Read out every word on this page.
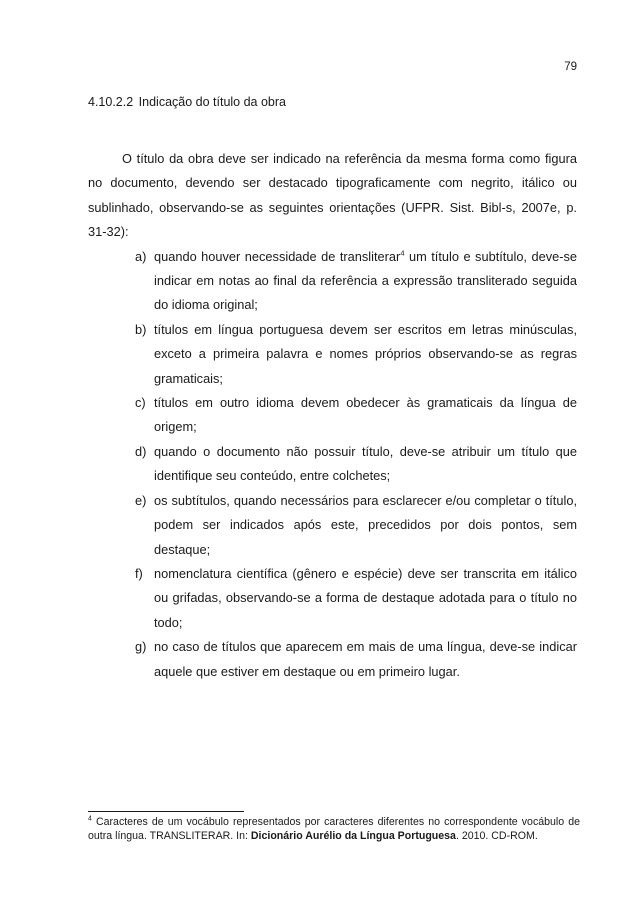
79
4.10.2.2 Indicação do título da obra

O título da obra deve ser indicado na referência da mesma forma como figura no documento, devendo ser destacado tipograficamente com negrito, itálico ou sublinhado, observando-se as seguintes orientações (UFPR. Sist. Bibl-s, 2007e, p. 31-32):

a) quando houver necessidade de transliterar$^4$ um título e subtítulo, deve-se indicar em notas ao final da referência a expressão transliterado seguida do idioma original;
b) títulos em língua portuguesa devem ser escritos em letras minúsculas, exceto a primeira palavra e nomes próprios observando-se as regras gramaticais;
c) títulos em outro idioma devem obedecer às gramaticais da língua de origem;
d) quando o documento não possuir título, deve-se atribuir um título que identifique seu conteúdo, entre colchetes;
e) os subtítulos, quando necessários para esclarecer e/ou completar o título, podem ser indicados após este, precedidos por dois pontos, sem destaque;
f) nomenclatura científica (gênero e espécie) deve ser transcrita em itálico ou grifadas, observando-se a forma de destaque adotada para o título no todo;
g) no caso de títulos que aparecem em mais de uma língua, deve-se indicar aquele que estiver em destaque ou em primeiro lugar.
$^4$ Caracteres de um vocábulo representados por caracteres diferentes no correspondente vocábulo de outra língua. TRANSLITERAR. In: Dicionário Aurélio da Língua Portuguesa. 2010. CD-ROM.
